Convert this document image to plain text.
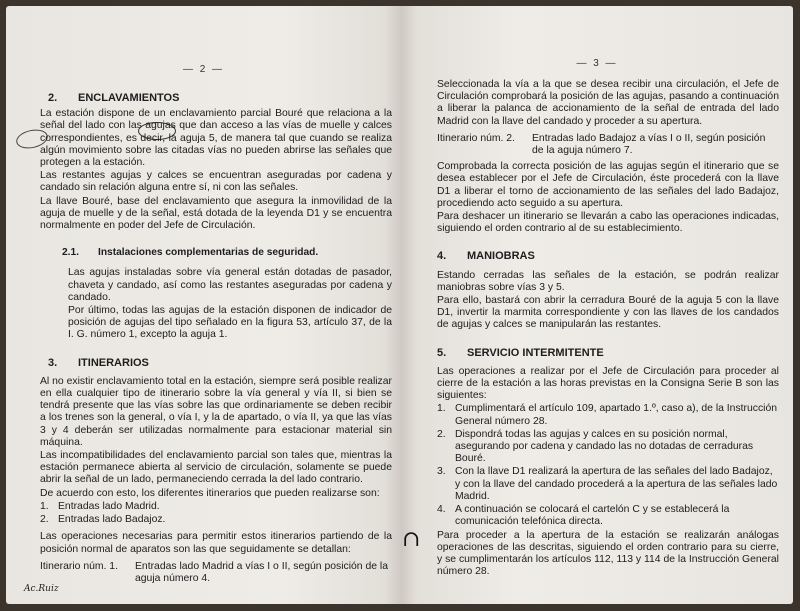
— 2 —
2.	ENCLAVAMIENTOS

La estación dispone de un enclavamiento parcial Bouré que relaciona a la señal del lado con las agujas que dan acceso a las vías de muelle y calces correspondientes, es decir, la aguja 5, de manera tal que cuando se realiza algún movimiento sobre las citadas vías no pueden abrirse las señales que protegen a la estación.

Las restantes agujas y calces se encuentran aseguradas por cadena y candado sin relación alguna entre sí, ni con las señales.

La llave Bouré, base del enclavamiento que asegura la inmovilidad de la aguja de muelle y de la señal, está dotada de la leyenda D1 y se encuentra normalmente en poder del Jefe de Circulación.

2.1.	Instalaciones complementarias de seguridad.

Las agujas instaladas sobre vía general están dotadas de pasador, chaveta y candado, así como las restantes aseguradas por cadena y candado.

Por último, todas las agujas de la estación disponen de indicador de posición de agujas del tipo señalado en la figura 53, artículo 37, de la I. G. número 1, excepto la aguja 1.

3.	ITINERARIOS

Al no existir enclavamiento total en la estación, siempre será posible realizar en ella cualquier tipo de itinerario sobre la vía general y vía II, si bien se tendrá presente que las vías sobre las que ordinariamente se deben recibir a los trenes son la general, o vía I, y la de apartado, o vía II, ya que las vías 3 y 4 deberán ser utilizadas normalmente para estacionar material sin máquina.

Las incompatibilidades del enclavamiento parcial son tales que, mientras la estación permanece abierta al servicio de circulación, solamente se puede abrir la señal de un lado, permaneciendo cerrada la del lado contrario.

De acuerdo con esto, los diferentes itinerarios que pueden realizarse son:

1. Entradas lado Madrid.
2. Entradas lado Badajoz.

Las operaciones necesarias para permitir estos itinerarios partiendo de la posición normal de aparatos son las que seguidamente se detallan:

Itinerario núm. 1.	Entradas lado Madrid a vías I o II, según posición de la aguja número 4.
Ac.Ruiz
— 3 —

Seleccionada la vía a la que se desea recibir una circulación, el Jefe de Circulación comprobará la posición de las agujas, pasando a continuación a liberar la palanca de accionamiento de la señal de entrada del lado Madrid con la llave del candado y proceder a su apertura.

Itinerario núm. 2.	Entradas lado Badajoz a vías I o II, según posición de la aguja número 7.

Comprobada la correcta posición de las agujas según el itinerario que se desea establecer por el Jefe de Circulación, éste procederá con la llave D1 a liberar el torno de accionamiento de las señales del lado Badajoz, procediendo acto seguido a su apertura.

Para deshacer un itinerario se llevarán a cabo las operaciones indicadas, siguiendo el orden contrario al de su establecimiento.

4.	MANIOBRAS

Estando cerradas las señales de la estación, se podrán realizar maniobras sobre vías 3 y 5.

Para ello, bastará con abrir la cerradura Bouré de la aguja 5 con la llave D1, invertir la marmita correspondiente y con las llaves de los candados de agujas y calces se manipularán las restantes.

5.	SERVICIO INTERMITENTE

Las operaciones a realizar por el Jefe de Circulación para proceder al cierre de la estación a las horas previstas en la Consigna Serie B son las siguientes:

1. Cumplimentará el artículo 109, apartado 1.º, caso a), de la Instrucción General número 28.
2. Dispondrá todas las agujas y calces en su posición normal, asegurando por cadena y candado las no dotadas de cerraduras Bouré.
3. Con la llave D1 realizará la apertura de las señales del lado Badajoz, y con la llave del candado procederá a la apertura de las señales lado Madrid.
4. A continuación se colocará el cartelón C y se establecerá la comunicación telefónica directa.

Para proceder a la apertura de la estación se realizarán análogas operaciones de las descritas, siguiendo el orden contrario para su cierre, y se cumplimentarán los artículos 112, 113 y 114 de la Instrucción General número 28.

∩
